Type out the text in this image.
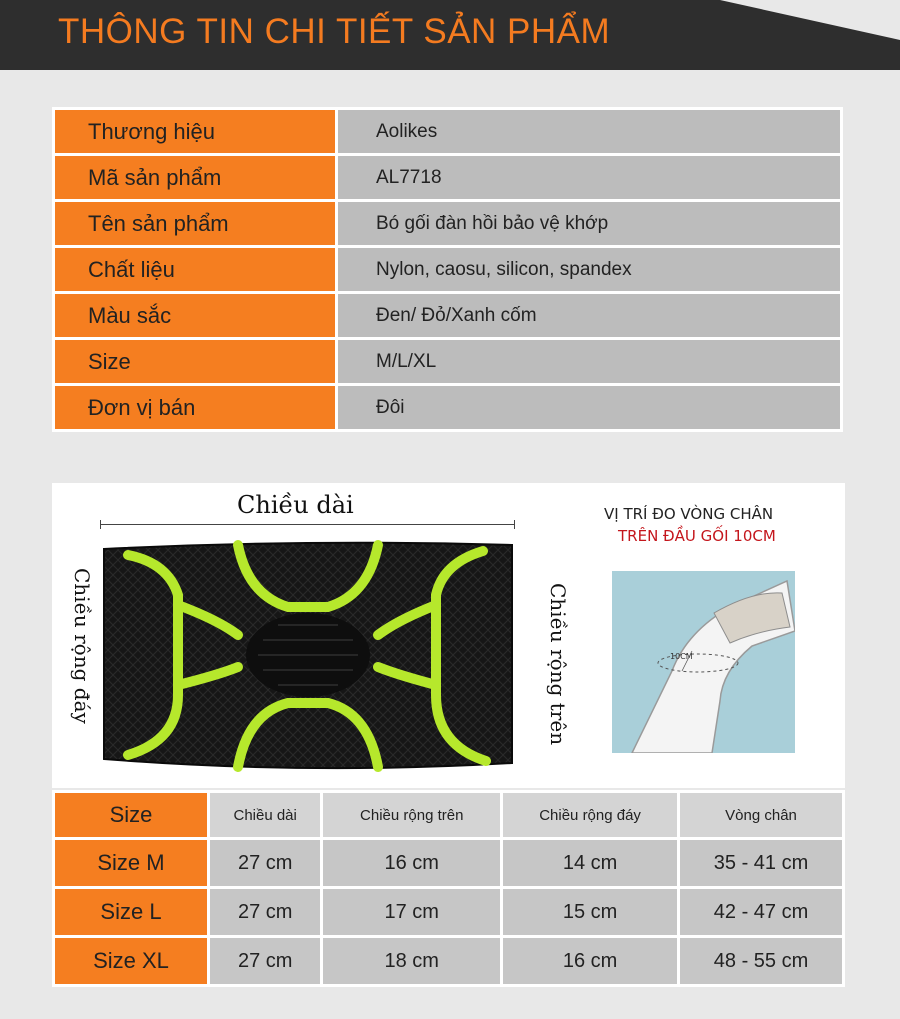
THÔNG TIN CHI TIẾT SẢN PHẨM
Thương hiệu	Aolikes
Mã sản phẩm	AL7718
Tên sản phẩm	Bó gối đàn hồi bảo vệ khớp
Chất liệu	Nylon, caosu, silicon, spandex
Màu sắc	Đen/ Đỏ/Xanh cốm
Size	M/L/XL
Đơn vị bán	Đôi
Chiều dài
Chiều rộng đáy	Chiều rộng trên
VỊ TRÍ ĐO VÒNG CHÂN
TRÊN ĐẦU GỐI 10CM
10CM
Size	Chiều dài	Chiều rộng trên	Chiều rộng đáy	Vòng chân
Size M	27 cm	16 cm	14 cm	35 - 41 cm
Size L	27 cm	17 cm	15 cm	42 - 47 cm
Size XL	27 cm	18 cm	16 cm	48 - 55 cm
